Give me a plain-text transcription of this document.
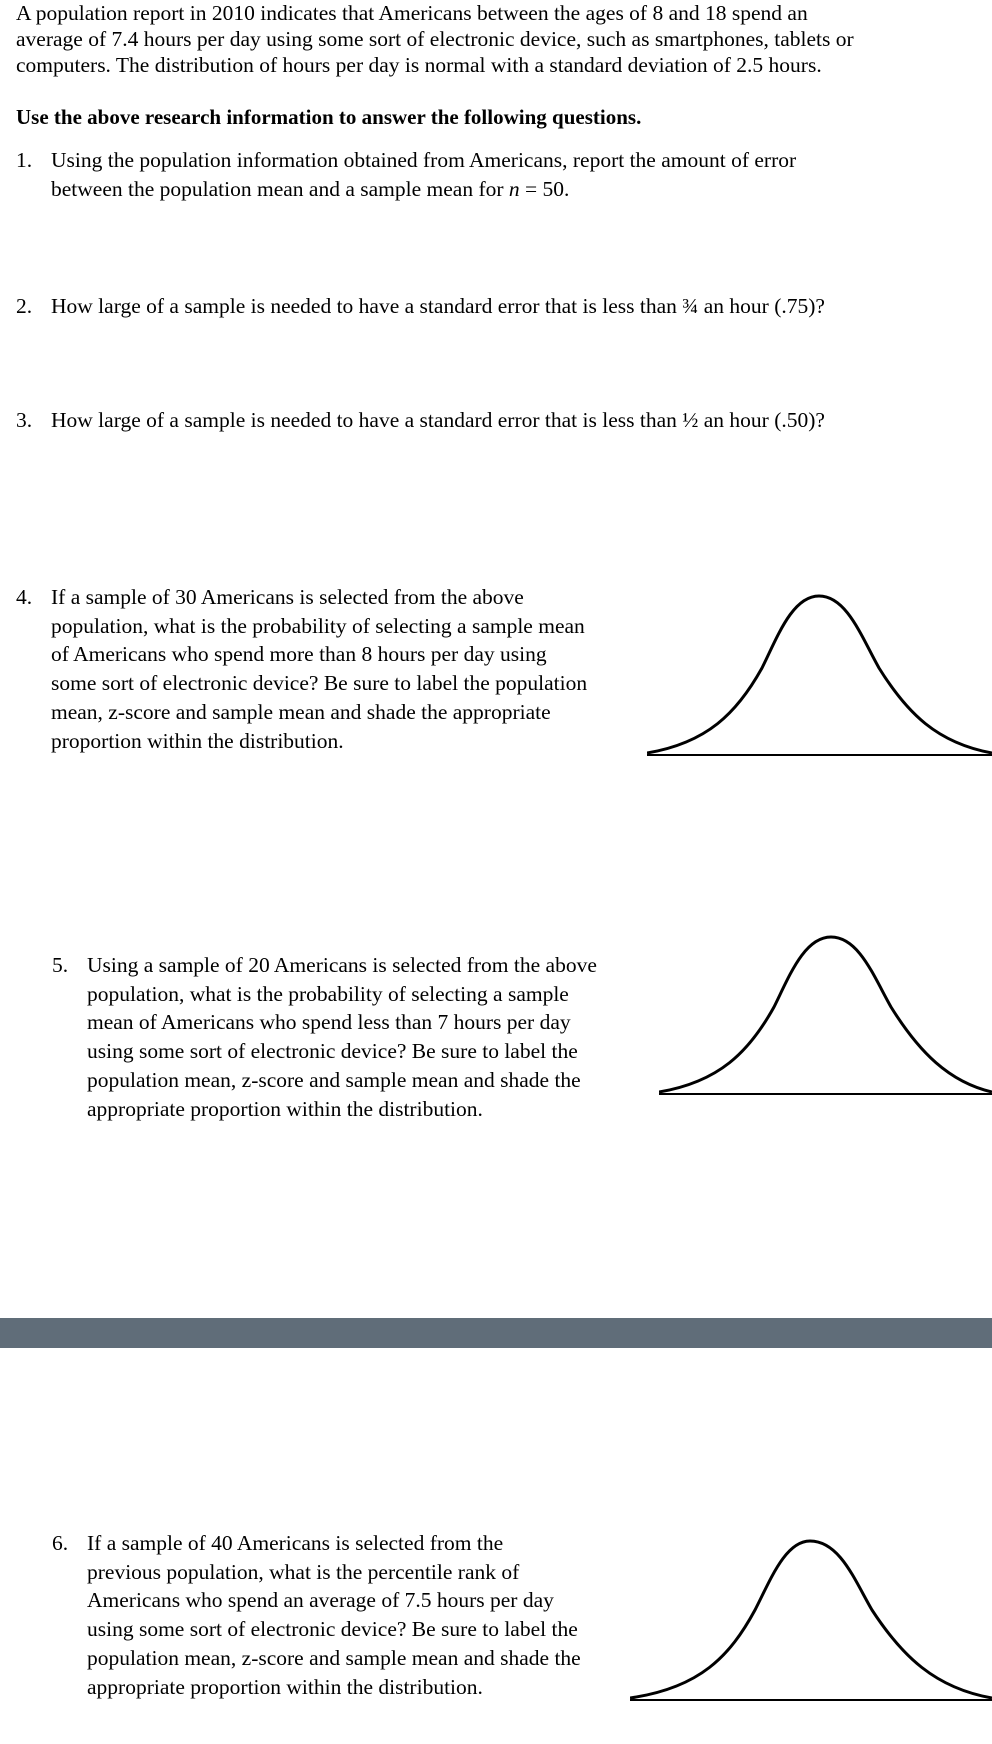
A population report in 2010 indicates that Americans between the ages of 8 and 18 spend an
average of 7.4 hours per day using some sort of electronic device, such as smartphones, tablets or
computers. The distribution of hours per day is normal with a standard deviation of 2.5 hours.
Use the above research information to answer the following questions.
1. Using the population information obtained from Americans, report the amount of error
between the population mean and a sample mean for n = 50.
2. How large of a sample is needed to have a standard error that is less than ¾ an hour (.75)?
3. How large of a sample is needed to have a standard error that is less than ½ an hour (.50)?
4. If a sample of 30 Americans is selected from the above
population, what is the probability of selecting a sample mean
of Americans who spend more than 8 hours per day using
some sort of electronic device? Be sure to label the population
mean, z-score and sample mean and shade the appropriate
proportion within the distribution.
5. Using a sample of 20 Americans is selected from the above
population, what is the probability of selecting a sample
mean of Americans who spend less than 7 hours per day
using some sort of electronic device? Be sure to label the
population mean, z-score and sample mean and shade the
appropriate proportion within the distribution.
6. If a sample of 40 Americans is selected from the
previous population, what is the percentile rank of
Americans who spend an average of 7.5 hours per day
using some sort of electronic device? Be sure to label the
population mean, z-score and sample mean and shade the
appropriate proportion within the distribution.
